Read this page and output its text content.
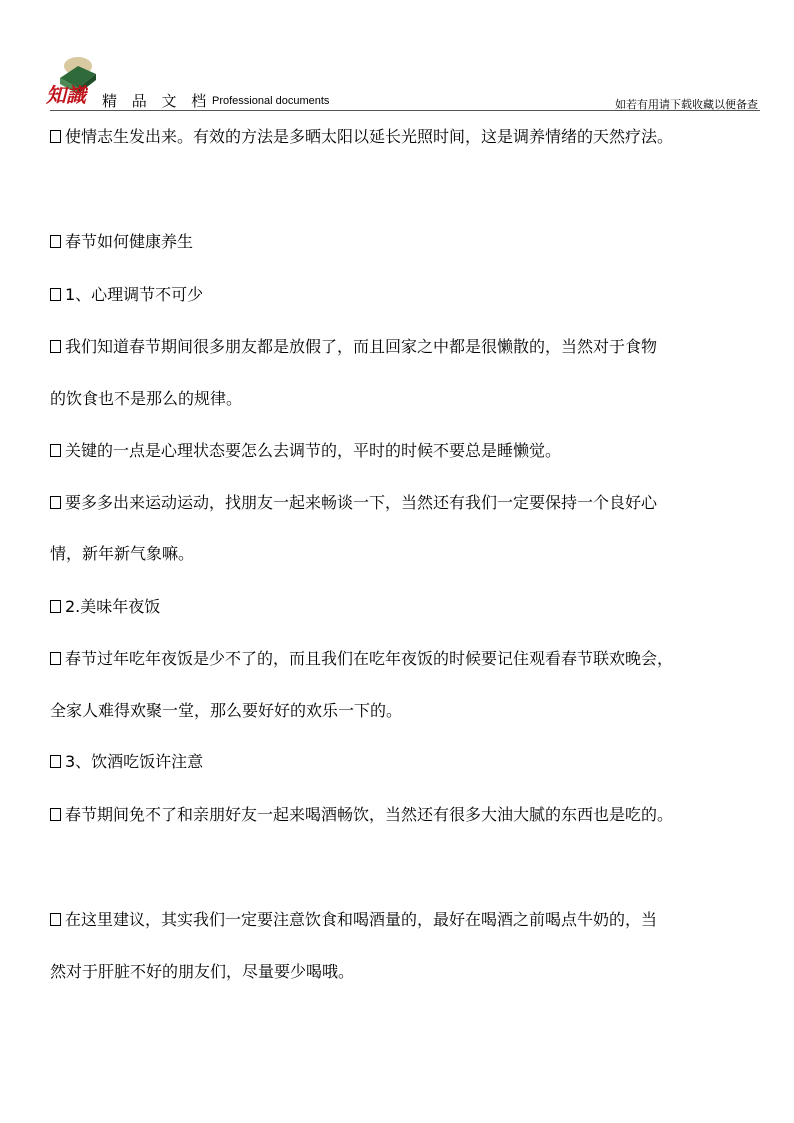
知識 精 品 文 档 Professional documents	如若有用请下载收藏以便备查
使情志生发出来。有效的方法是多晒太阳以延长光照时间，这是调养情绪的天然疗法。
春节如何健康养生
1、心理调节不可少
我们知道春节期间很多朋友都是放假了，而且回家之中都是很懒散的，当然对于食物
的饮食也不是那么的规律。
关键的一点是心理状态要怎么去调节的，平时的时候不要总是睡懒觉。
要多多出来运动运动，找朋友一起来畅谈一下，当然还有我们一定要保持一个良好心
情，新年新气象嘛。
2.美味年夜饭
春节过年吃年夜饭是少不了的，而且我们在吃年夜饭的时候要记住观看春节联欢晚会，
全家人难得欢聚一堂，那么要好好的欢乐一下的。
3、饮酒吃饭许注意
春节期间免不了和亲朋好友一起来喝酒畅饮，当然还有很多大油大腻的东西也是吃的。
在这里建议，其实我们一定要注意饮食和喝酒量的，最好在喝酒之前喝点牛奶的，当
然对于肝脏不好的朋友们，尽量要少喝哦。
